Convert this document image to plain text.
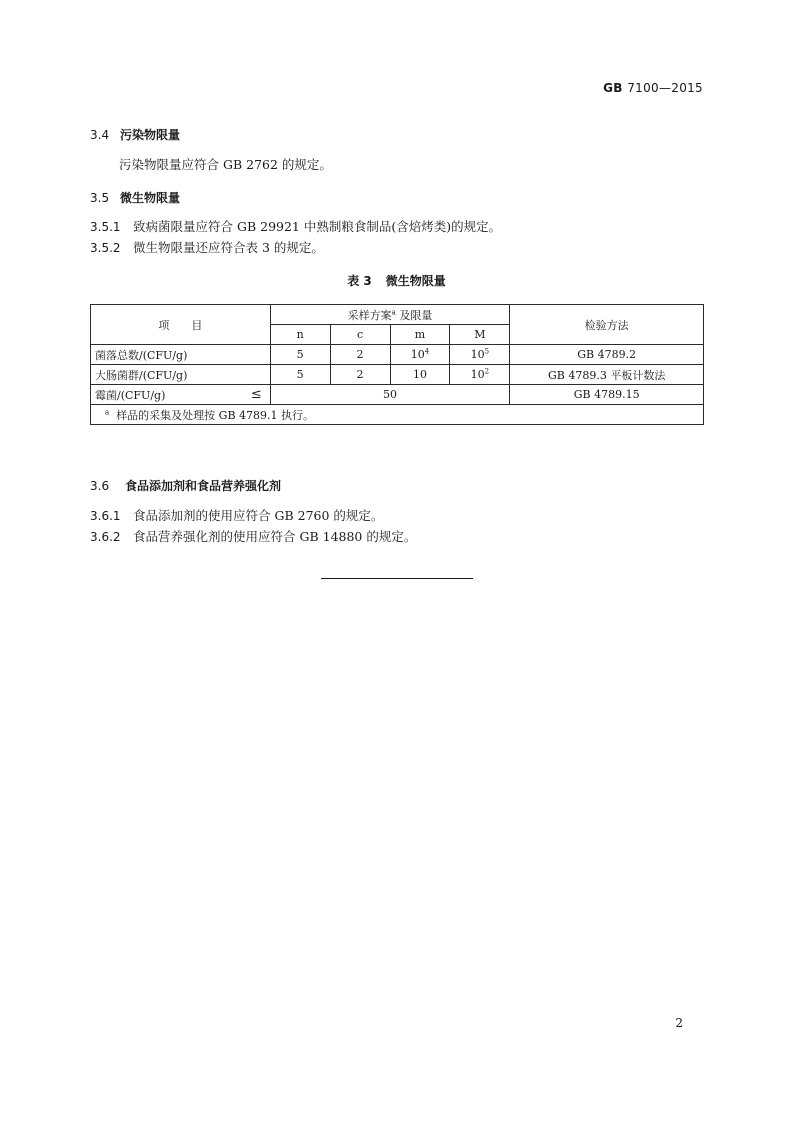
GB 7100—2015
3.4 污染物限量
污染物限量应符合 GB 2762 的规定。
3.5 微生物限量
3.5.1 致病菌限量应符合 GB 29921 中熟制粮食制品(含焙烤类)的规定。
3.5.2 微生物限量还应符合表 3 的规定。
表 3 微生物限量
项　　目	采样方案$^a$ 及限量				检验方法
	n	c	m	M	
菌落总数/(CFU/g)	5	2	$10^4$	$10^5$	GB 4789.2
大肠菌群/(CFU/g)	5	2	10	$10^2$	GB 4789.3 平板计数法
霉菌/(CFU/g) ≤	50				GB 4789.15
$^a$ 样品的采集及处理按 GB 4789.1 执行。					
3.6 食品添加剂和食品营养强化剂
3.6.1 食品添加剂的使用应符合 GB 2760 的规定。
3.6.2 食品营养强化剂的使用应符合 GB 14880 的规定。
2
